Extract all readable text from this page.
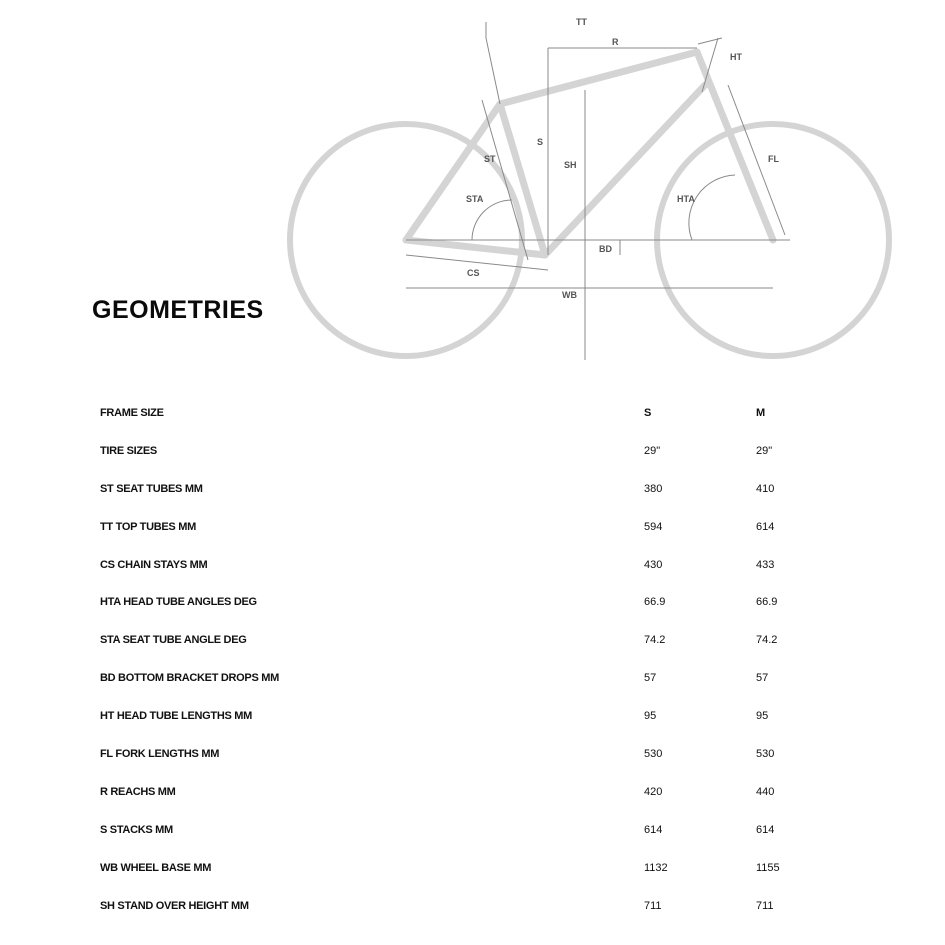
TT
R
HT
ST
S
SH
STA	HTA
FL
BD
CS
WB
GEOMETRIES
FRAME SIZE	S	M
TIRE SIZES	29"	29"
ST SEAT TUBES MM	380	410
TT TOP TUBES MM	594	614
CS CHAIN STAYS MM	430	433
HTA HEAD TUBE ANGLES DEG	66.9	66.9
STA SEAT TUBE ANGLE DEG	74.2	74.2
BD BOTTOM BRACKET DROPS MM	57	57
HT HEAD TUBE LENGTHS MM	95	95
FL FORK LENGTHS MM	530	530
R REACHS MM	420	440
S STACKS MM	614	614
WB WHEEL BASE MM	1132	1155
SH STAND OVER HEIGHT MM	711	711
